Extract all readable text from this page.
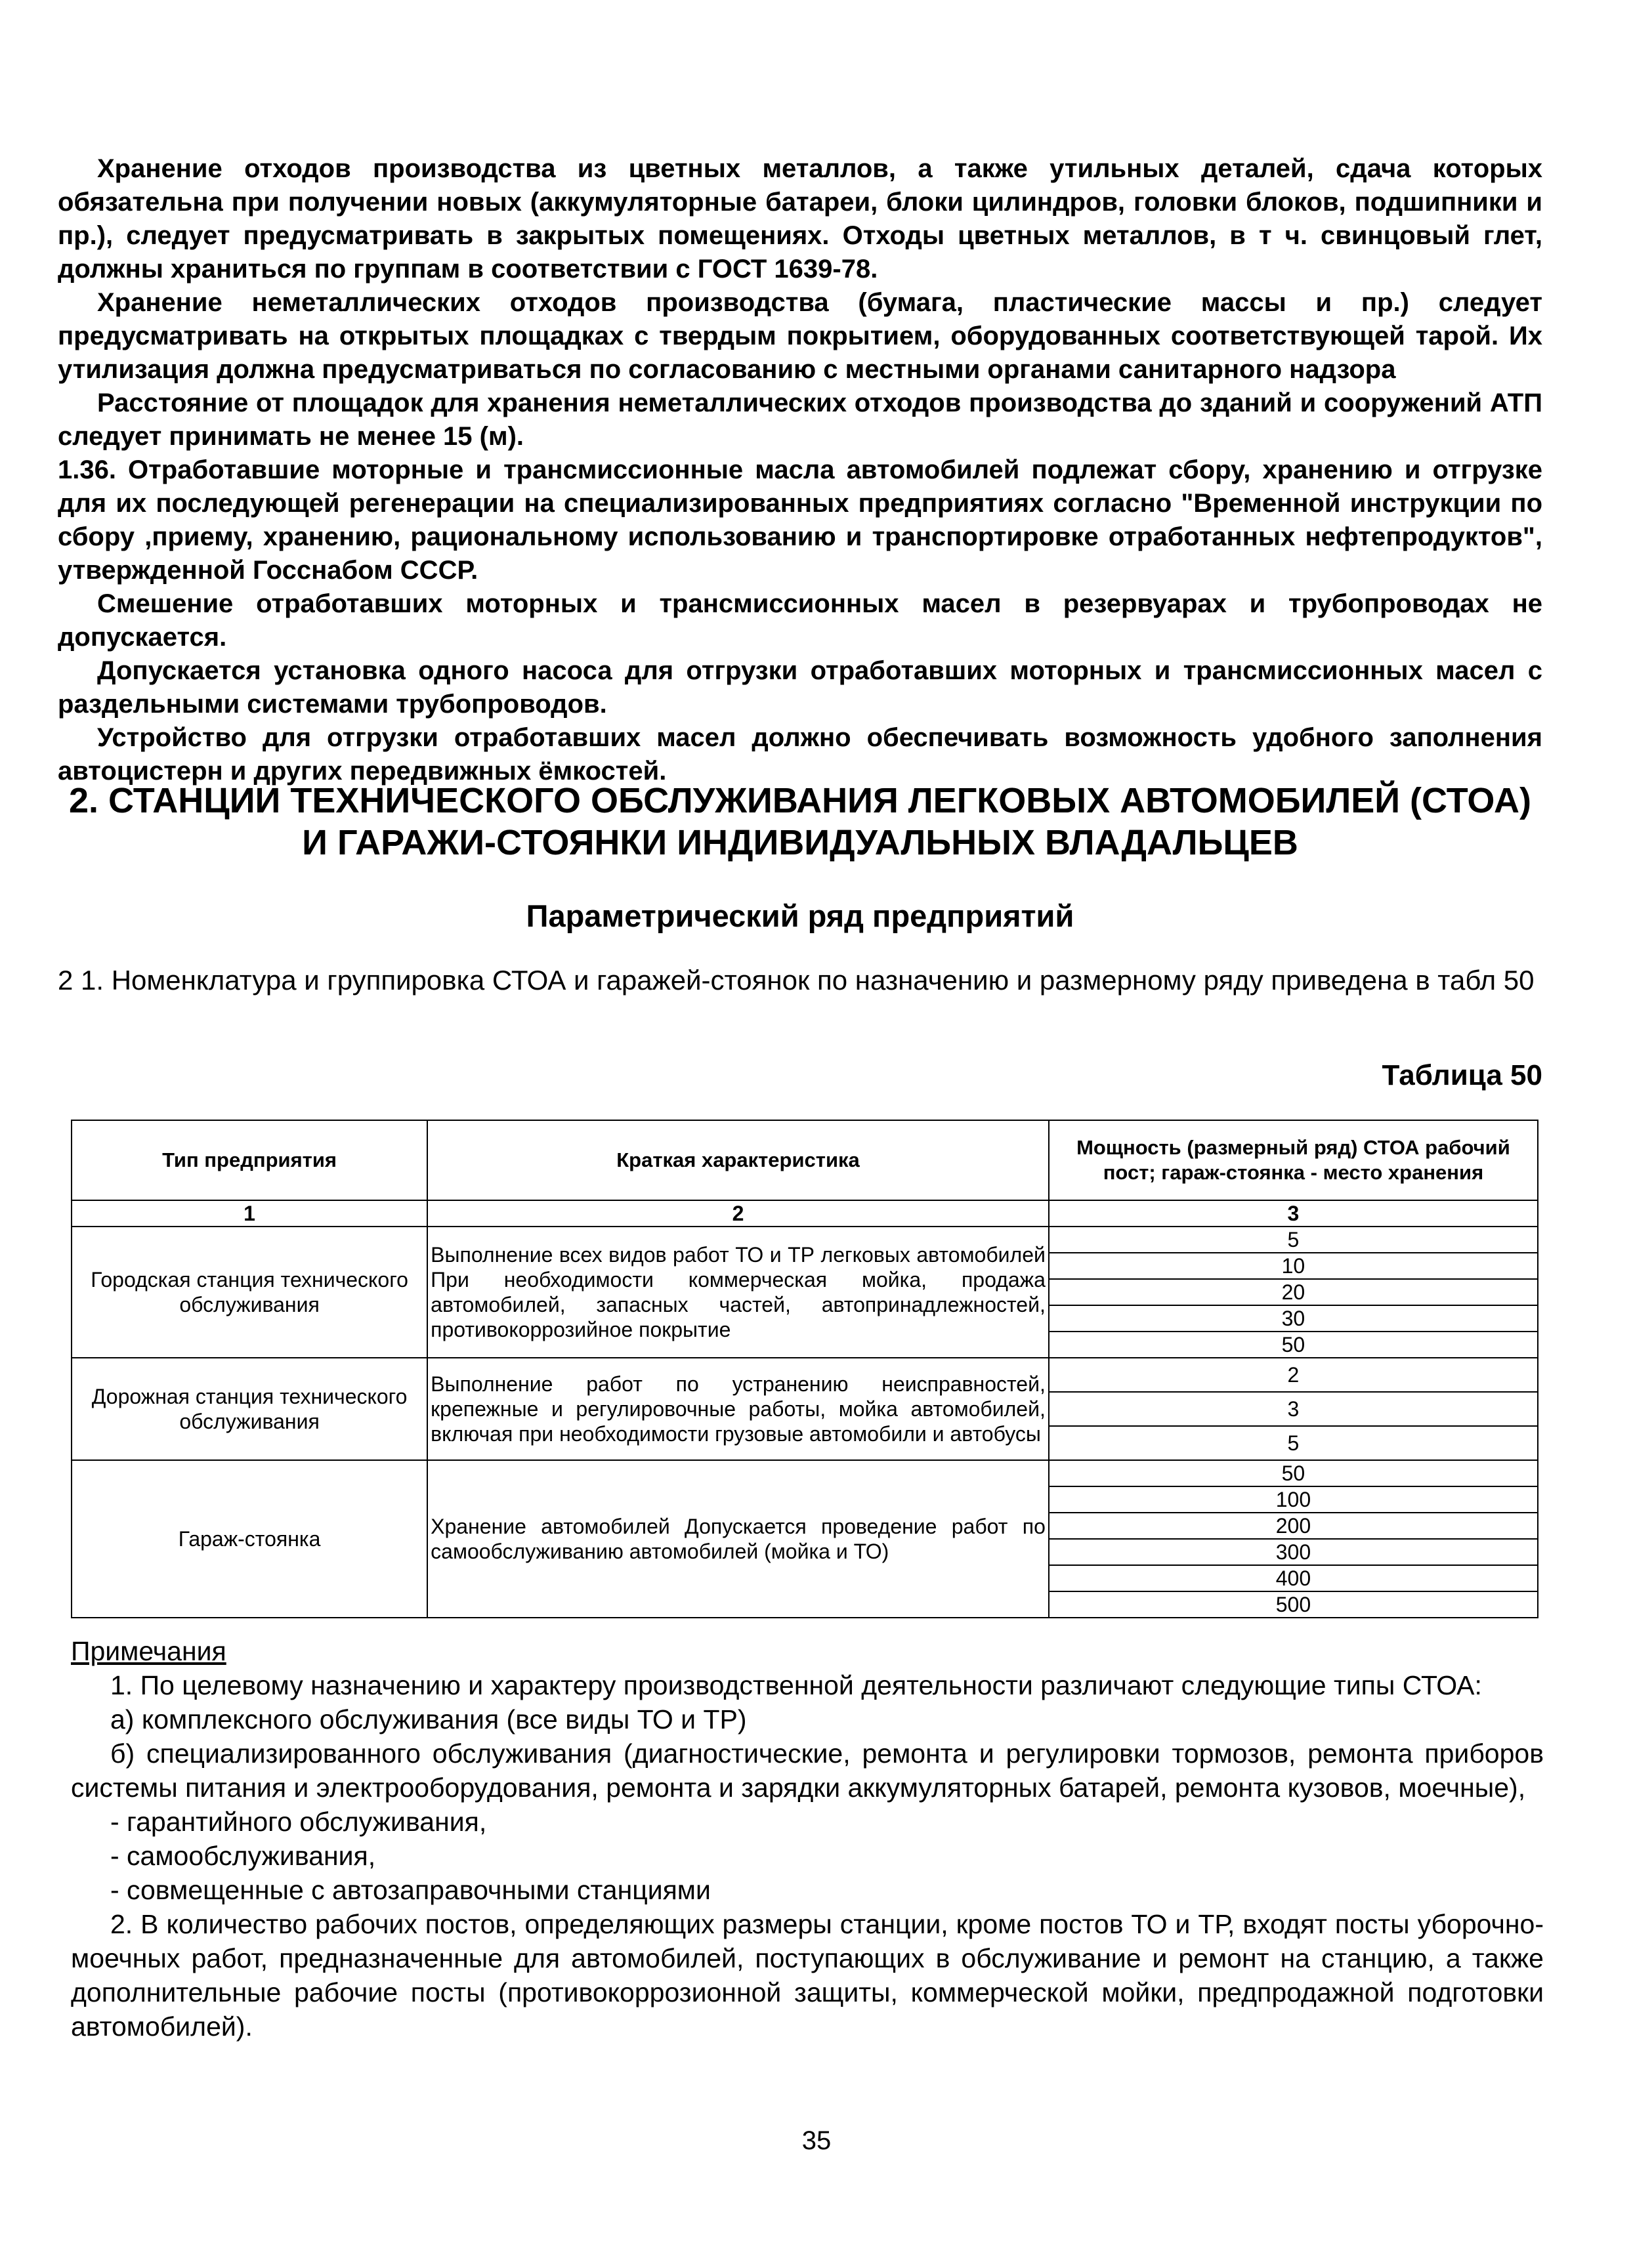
Хранение отходов производства из цветных металлов, а также утильных деталей, сдача которых обязательна при получении новых (аккумуляторные батареи, блоки цилиндров, головки блоков, подшипники и пр.), следует предусматривать в закрытых помещениях. Отходы цветных металлов, в т ч. свинцовый глет, должны храниться по группам в соответствии с ГОСТ 1639-78.

Хранение неметаллических отходов производства (бумага, пластические массы и пр.) следует предусматривать на открытых площадках с твердым покрытием, оборудованных соответствующей тарой. Их утилизация должна предусматриваться по согласованию с местными органами санитарного надзора

Расстояние от площадок для хранения неметаллических отходов производства до зданий и сооружений АТП следует принимать не менее 15 (м).

1.36. Отработавшие моторные и трансмиссионные масла автомобилей подлежат сбору, хранению и отгрузке для их последующей регенерации на специализированных предприятиях согласно "Временной инструкции по сбору ,приему, хранению, рациональному использованию и транспортировке отработанных нефтепродуктов", утвержденной Госснабом СССР.

Смешение отработавших моторных и трансмиссионных масел в резервуарах и трубопроводах не допускается.

Допускается установка одного насоса для отгрузки отработавших моторных и трансмиссионных масел с раздельными системами трубопроводов.

Устройство для отгрузки отработавших масел должно обеспечивать возможность удобного заполнения автоцистерн и других передвижных ёмкостей.

2. СТАНЦИИ ТЕХНИЧЕСКОГО ОБСЛУЖИВАНИЯ ЛЕГКОВЫХ АВТОМОБИЛЕЙ (СТОА) И ГАРАЖИ-СТОЯНКИ ИНДИВИДУАЛЬНЫХ ВЛАДАЛЬЦЕВ
Параметрический ряд предприятий

2 1. Номенклатура и группировка СТОА и гаражей-стоянок по назначению и размерному ряду приведена в табл 50

Таблица 50
Тип предприятия	Краткая характеристика	Мощность (размерный ряд) СТОА рабочий пост; гараж-стоянка - место хранения
1	2	3
Городская станция технического обслуживания	Выполнение всех видов работ ТО и ТР легковых автомобилей При необходимости коммерческая мойка, продажа автомобилей, запасных частей, автопринадлежностей, противокоррозийное покрытие	5
		10
		20
		30
		50
Дорожная станция технического обслуживания	Выполнение работ по устранению неисправностей, крепежные и регулировочные работы, мойка автомобилей, включая при необходимости грузовые автомобили и автобусы	2
		3
		5
Гараж-стоянка	Хранение автомобилей Допускается проведение работ по самообслуживанию автомобилей (мойка и ТО)	50
		100
		200
		300
		400
		500

Примечания

1. По целевому назначению и характеру производственной деятельности различают следующие типы СТОА:

а) комплексного обслуживания (все виды ТО и ТР)

б) специализированного обслуживания (диагностические, ремонта и регулировки тормозов, ремонта приборов системы питания и электрооборудования, ремонта и зарядки аккумуляторных батарей, ремонта кузовов, моечные),

- гарантийного обслуживания,

- самообслуживания,

- совмещенные с автозаправочными станциями

2. В количество рабочих постов, определяющих размеры станции, кроме постов ТО и ТР, входят посты уборочно-моечных работ, предназначенные для автомобилей, поступающих в обслуживание и ремонт на станцию, а также дополнительные рабочие посты (противокоррозионной защиты, коммерческой мойки, предпродажной подготовки автомобилей).

35
